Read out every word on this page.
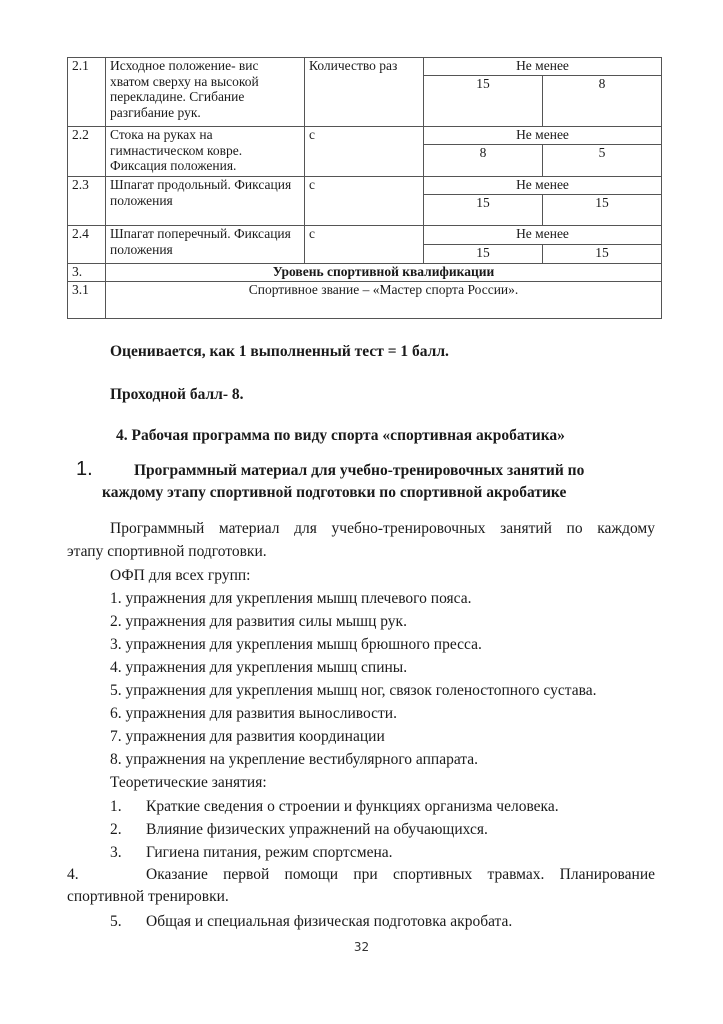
2.1	Исходное положение- вис хватом сверху на высокой перекладине. Сгибание разгибание рук.	Количество раз	Не менее	
			15	8
2.2	Стока на руках на гимнастическом ковре. Фиксация положения.	с	Не менее	
			8	5
2.3	Шпагат продольный. Фиксация положения	с	Не менее	
			15	15
2.4	Шпагат поперечный. Фиксация положения	с	Не менее	
			15	15
3.	Уровень спортивной квалификации			
3.1	Спортивное звание – «Мастер спорта России».			
Оценивается, как 1 выполненный тест = 1 балл.
Проходной балл- 8.
4. Рабочая программа по виду спорта «спортивная акробатика»
1.	Программный материал для учебно-тренировочных занятий по
каждому этапу спортивной подготовки по спортивной акробатике
Программный материал для учебно-тренировочных занятий по каждому
этапу спортивной подготовки.
ОФП для всех групп:
1. упражнения для укрепления мышц плечевого пояса.
2. упражнения для развития силы мышц рук.
3. упражнения для укрепления мышц брюшного пресса.
4. упражнения для укрепления мышц спины.
5. упражнения для укрепления мышц ног, связок голеностопного сустава.
6. упражнения для развития выносливости.
7. упражнения для развития координации
8. упражнения на укрепление вестибулярного аппарата.
Теоретические занятия:
1. Краткие сведения о строении и функциях организма человека.
2. Влияние физических упражнений на обучающихся.
3. Гигиена питания, режим спортсмена.
4.	Оказание первой помощи при спортивных травмах. Планирование
спортивной тренировки.
5. Общая и специальная физическая подготовка акробата.
32
